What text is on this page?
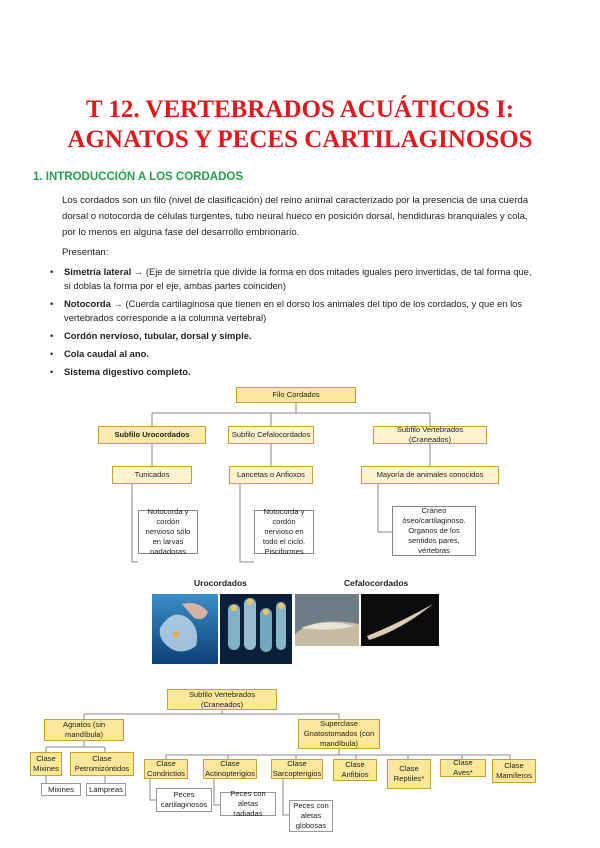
T 12. VERTEBRADOS ACUÁTICOS I:
AGNATOS Y PECES CARTILAGINOSOS
1. INTRODUCCIÓN A LOS CORDADOS
Los cordados son un filo (nivel de clasificación) del reino animal caracterizado por la presencia de una cuerda
dorsal o notocorda de células turgentes, tubo neural hueco en posición dorsal, hendiduras branquiales y cola,
por lo menos en alguna fase del desarrollo embrionario.
Presentan:
• Simetría lateral → (Eje de simetría que divide la forma en dos mitades iguales pero invertidas, de tal forma que,
si doblas la forma por el eje, ambas partes coinciden)
• Notocorda → (Cuerda cartilaginosa que tienen en el dorso los animales del tipo de los cordados, y que en los
vertebrados corresponde a la columna vertebral)
• Cordón nervioso, tubular, dorsal y simple.
• Cola caudal al ano.
• Sistema digestivo completo.
Filo Cordados
Subfilo Urocordados	Subfilo Cefalocordados
Subfilo Vertebrados (Craneados)
Tunicados	Lancetas o Anfioxos	Mayoría de animales conocidos
Notocorda y cordón nervioso sólo en larvas nadadoras
Notocorda y cordón nervioso en todo el ciclo. Pisciformes
Cráneo óseo/cartilaginoso. Órganos de los sentidos pares, vértebras
Urocordados	Cefalocordados
Subfilo Vertebrados (Craneados)
Agnatos (sin mandíbula)
Superclase Gnatostomados (con mandíbula)
Clase Mixines
Clase Petromizóntidos
Mixines	Lampreas
Clase Condrictios
Clase Actinopterigios
Clase Sarcopterigios
Clase Anfibios
Clase Reptiles*
Clase Aves*
Clase Mamíferos
Peces cartilaginosos
Peces con aletas radiadas
Peces con aletas globosas
